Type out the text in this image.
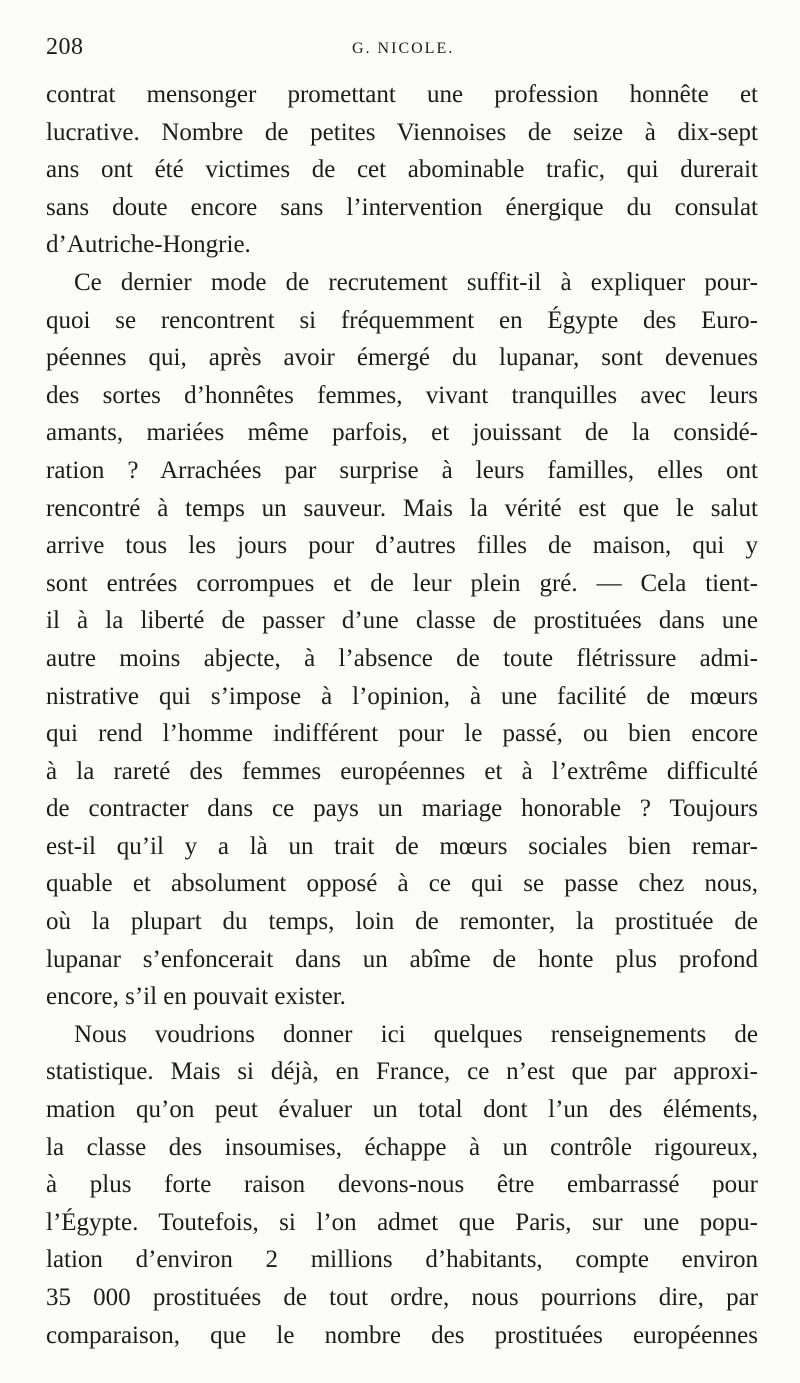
208	G. NICOLE.
contrat mensonger promettant une profession honnête et
lucrative. Nombre de petites Viennoises de seize à dix-sept
ans ont été victimes de cet abominable trafic, qui durerait
sans doute encore sans l’intervention énergique du consulat
d’Autriche-Hongrie.
Ce dernier mode de recrutement suffit-il à expliquer pour-
quoi se rencontrent si fréquemment en Égypte des Euro-
péennes qui, après avoir émergé du lupanar, sont devenues
des sortes d’honnêtes femmes, vivant tranquilles avec leurs
amants, mariées même parfois, et jouissant de la considé-
ration ? Arrachées par surprise à leurs familles, elles ont
rencontré à temps un sauveur. Mais la vérité est que le salut
arrive tous les jours pour d’autres filles de maison, qui y
sont entrées corrompues et de leur plein gré. — Cela tient-
il à la liberté de passer d’une classe de prostituées dans une
autre moins abjecte, à l’absence de toute flétrissure admi-
nistrative qui s’impose à l’opinion, à une facilité de mœurs
qui rend l’homme indifférent pour le passé, ou bien encore
à la rareté des femmes européennes et à l’extrême difficulté
de contracter dans ce pays un mariage honorable ? Toujours
est-il qu’il y a là un trait de mœurs sociales bien remar-
quable et absolument opposé à ce qui se passe chez nous,
où la plupart du temps, loin de remonter, la prostituée de
lupanar s’enfoncerait dans un abîme de honte plus profond
encore, s’il en pouvait exister.
Nous voudrions donner ici quelques renseignements de
statistique. Mais si déjà, en France, ce n’est que par approxi-
mation qu’on peut évaluer un total dont l’un des éléments,
la classe des insoumises, échappe à un contrôle rigoureux,
à plus forte raison devons-nous être embarrassé pour
l’Égypte. Toutefois, si l’on admet que Paris, sur une popu-
lation d’environ 2 millions d’habitants, compte environ
35 000 prostituées de tout ordre, nous pourrions dire, par
comparaison, que le nombre des prostituées européennes
